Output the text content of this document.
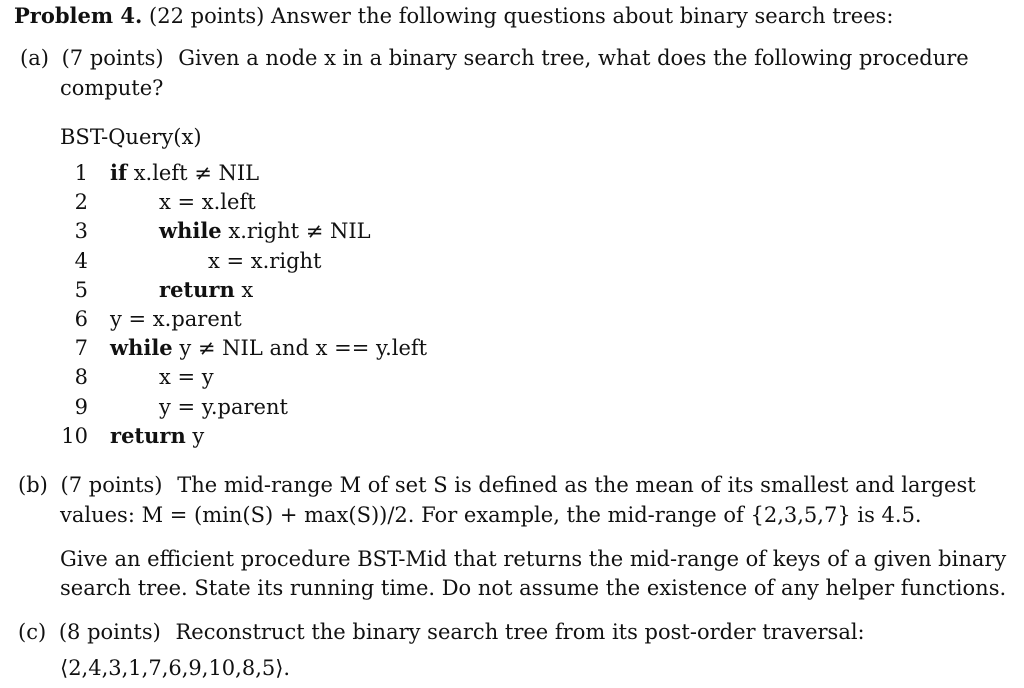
Problem 4. (22 points) Answer the following questions about binary search trees:
(a) (7 points) Given a node x in a binary search tree, what does the following procedure
compute?
BST-Query(x)
1 if x.left ≠ NIL
2	x = x.left
3	while x.right ≠ NIL
4	x = x.right
5	return x
6 y = x.parent
7 while y ≠ NIL and x == y.left
8	x = y
9	y = y.parent
10 return y
(b) (7 points) The mid-range M of set S is defined as the mean of its smallest and largest
values: M = (min(S) + max(S))/2. For example, the mid-range of {2,3,5,7} is 4.5.
Give an efficient procedure BST-Mid that returns the mid-range of keys of a given binary
search tree. State its running time. Do not assume the existence of any helper functions.
(c) (8 points) Reconstruct the binary search tree from its post-order traversal:
⟨2,4,3,1,7,6,9,10,8,5⟩.
